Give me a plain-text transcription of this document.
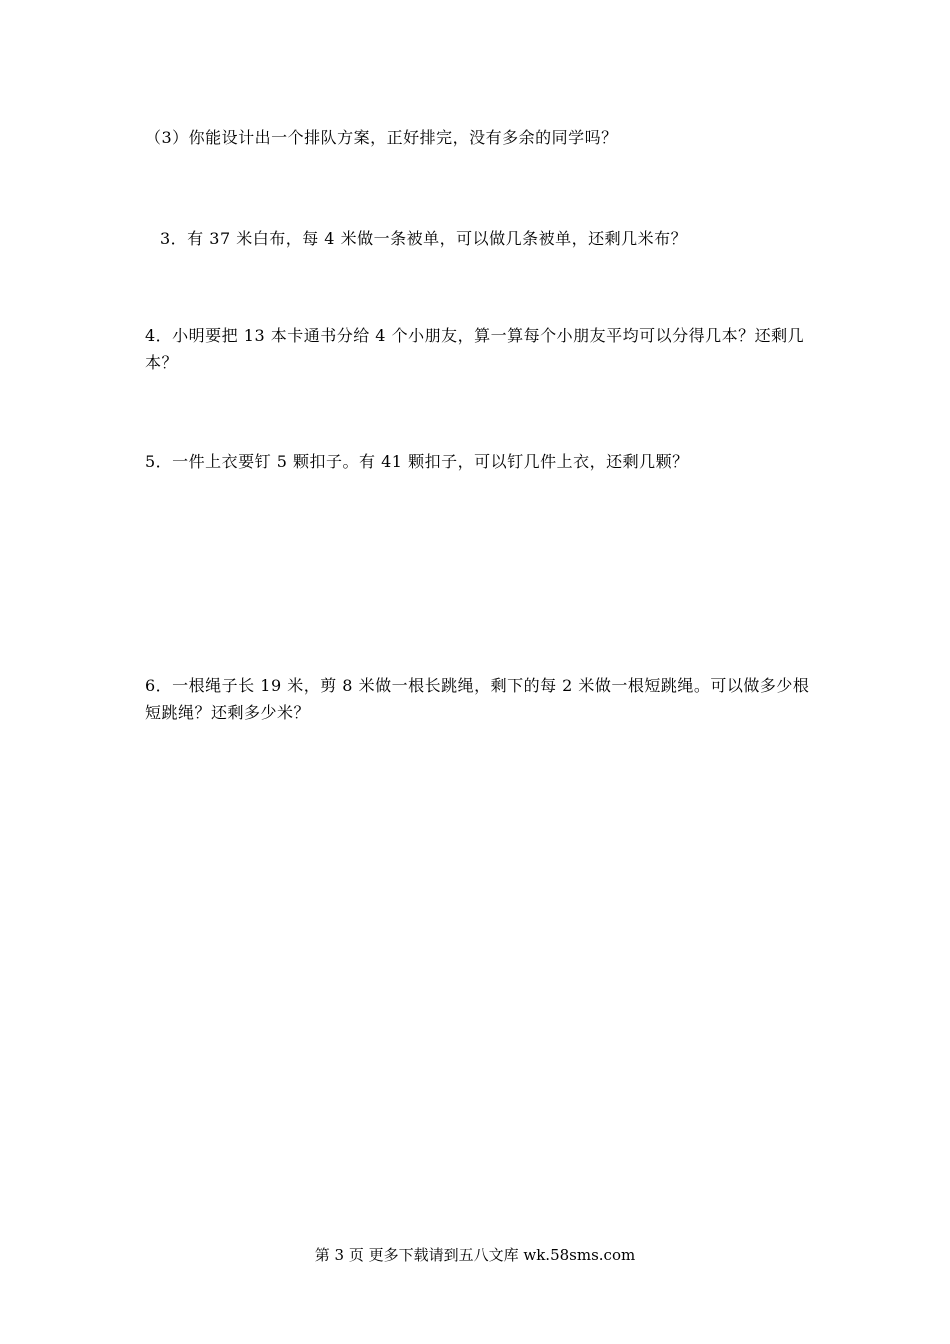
（3）你能设计出一个排队方案，正好排完，没有多余的同学吗？

3．有 37 米白布，每 4 米做一条被单，可以做几条被单，还剩几米布？

4．小明要把 13 本卡通书分给 4 个小朋友，算一算每个小朋友平均可以分得几本？还剩几本？

5．一件上衣要钉 5 颗扣子。有 41 颗扣子，可以钉几件上衣，还剩几颗？

6．一根绳子长 19 米，剪 8 米做一根长跳绳，剩下的每 2 米做一根短跳绳。可以做多少根短跳绳？还剩多少米？

第 3 页 更多下载请到五八文库 wk.58sms.com
